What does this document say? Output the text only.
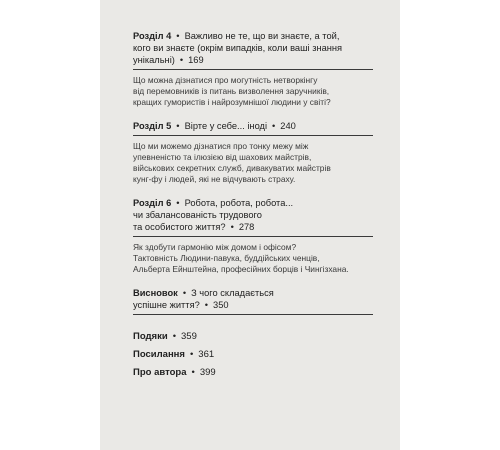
Розділ 4 • Важливо не те, що ви знаєте, а той,
кого ви знаєте (окрім випадків, коли ваші знання
унікальні) • 169
Що можна дізнатися про могутність нетворкінгу
від перемовників із питань визволення заручників,
кращих гумористів і найрозумнішої людини у світі?
Розділ 5 • Вірте у себе... іноді • 240
Що ми можемо дізнатися про тонку межу між
упевненістю та ілюзією від шахових майстрів,
військових секретних служб, дивакуватих майстрів
кунг-фу і людей, які не відчувають страху.
Розділ 6 • Робота, робота, робота...
чи збалансованість трудового
та особистого життя? • 278
Як здобути гармонію між домом і офісом?
Тактовність Людини-павука, буддійських ченців,
Альберта Ейнштейна, професійних борців і Чингізхана.
Висновок • З чого складається
успішне життя? • 350
Подяки • 359
Посилання • 361
Про автора • 399
